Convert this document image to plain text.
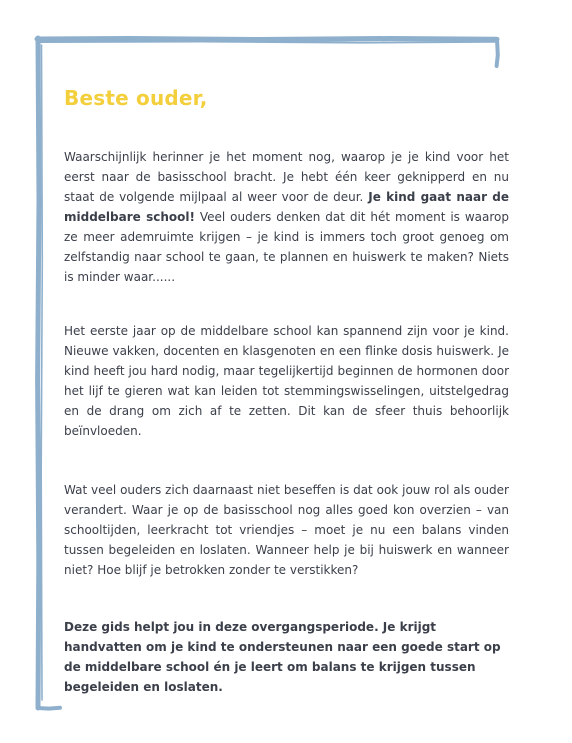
Beste ouder,

Waarschijnlijk herinner je het moment nog, waarop je je kind voor het eerst naar de basisschool bracht. Je hebt één keer geknipperd en nu staat de volgende mijlpaal al weer voor de deur. Je kind gaat naar de middelbare school! Veel ouders denken dat dit hét moment is waarop ze meer ademruimte krijgen – je kind is immers toch groot genoeg om zelfstandig naar school te gaan, te plannen en huiswerk te maken? Niets is minder waar......

Het eerste jaar op de middelbare school kan spannend zijn voor je kind. Nieuwe vakken, docenten en klasgenoten en een flinke dosis huiswerk. Je kind heeft jou hard nodig, maar tegelijkertijd beginnen de hormonen door het lijf te gieren wat kan leiden tot stemmingswisselingen, uitstelgedrag en de drang om zich af te zetten. Dit kan de sfeer thuis behoorlijk beïnvloeden.

Wat veel ouders zich daarnaast niet beseffen is dat ook jouw rol als ouder verandert. Waar je op de basisschool nog alles goed kon overzien – van schooltijden, leerkracht tot vriendjes – moet je nu een balans vinden tussen begeleiden en loslaten. Wanneer help je bij huiswerk en wanneer niet? Hoe blijf je betrokken zonder te verstikken?

Deze gids helpt jou in deze overgangsperiode. Je krijgt handvatten om je kind te ondersteunen naar een goede start op de middelbare school én je leert om balans te krijgen tussen begeleiden en loslaten.
